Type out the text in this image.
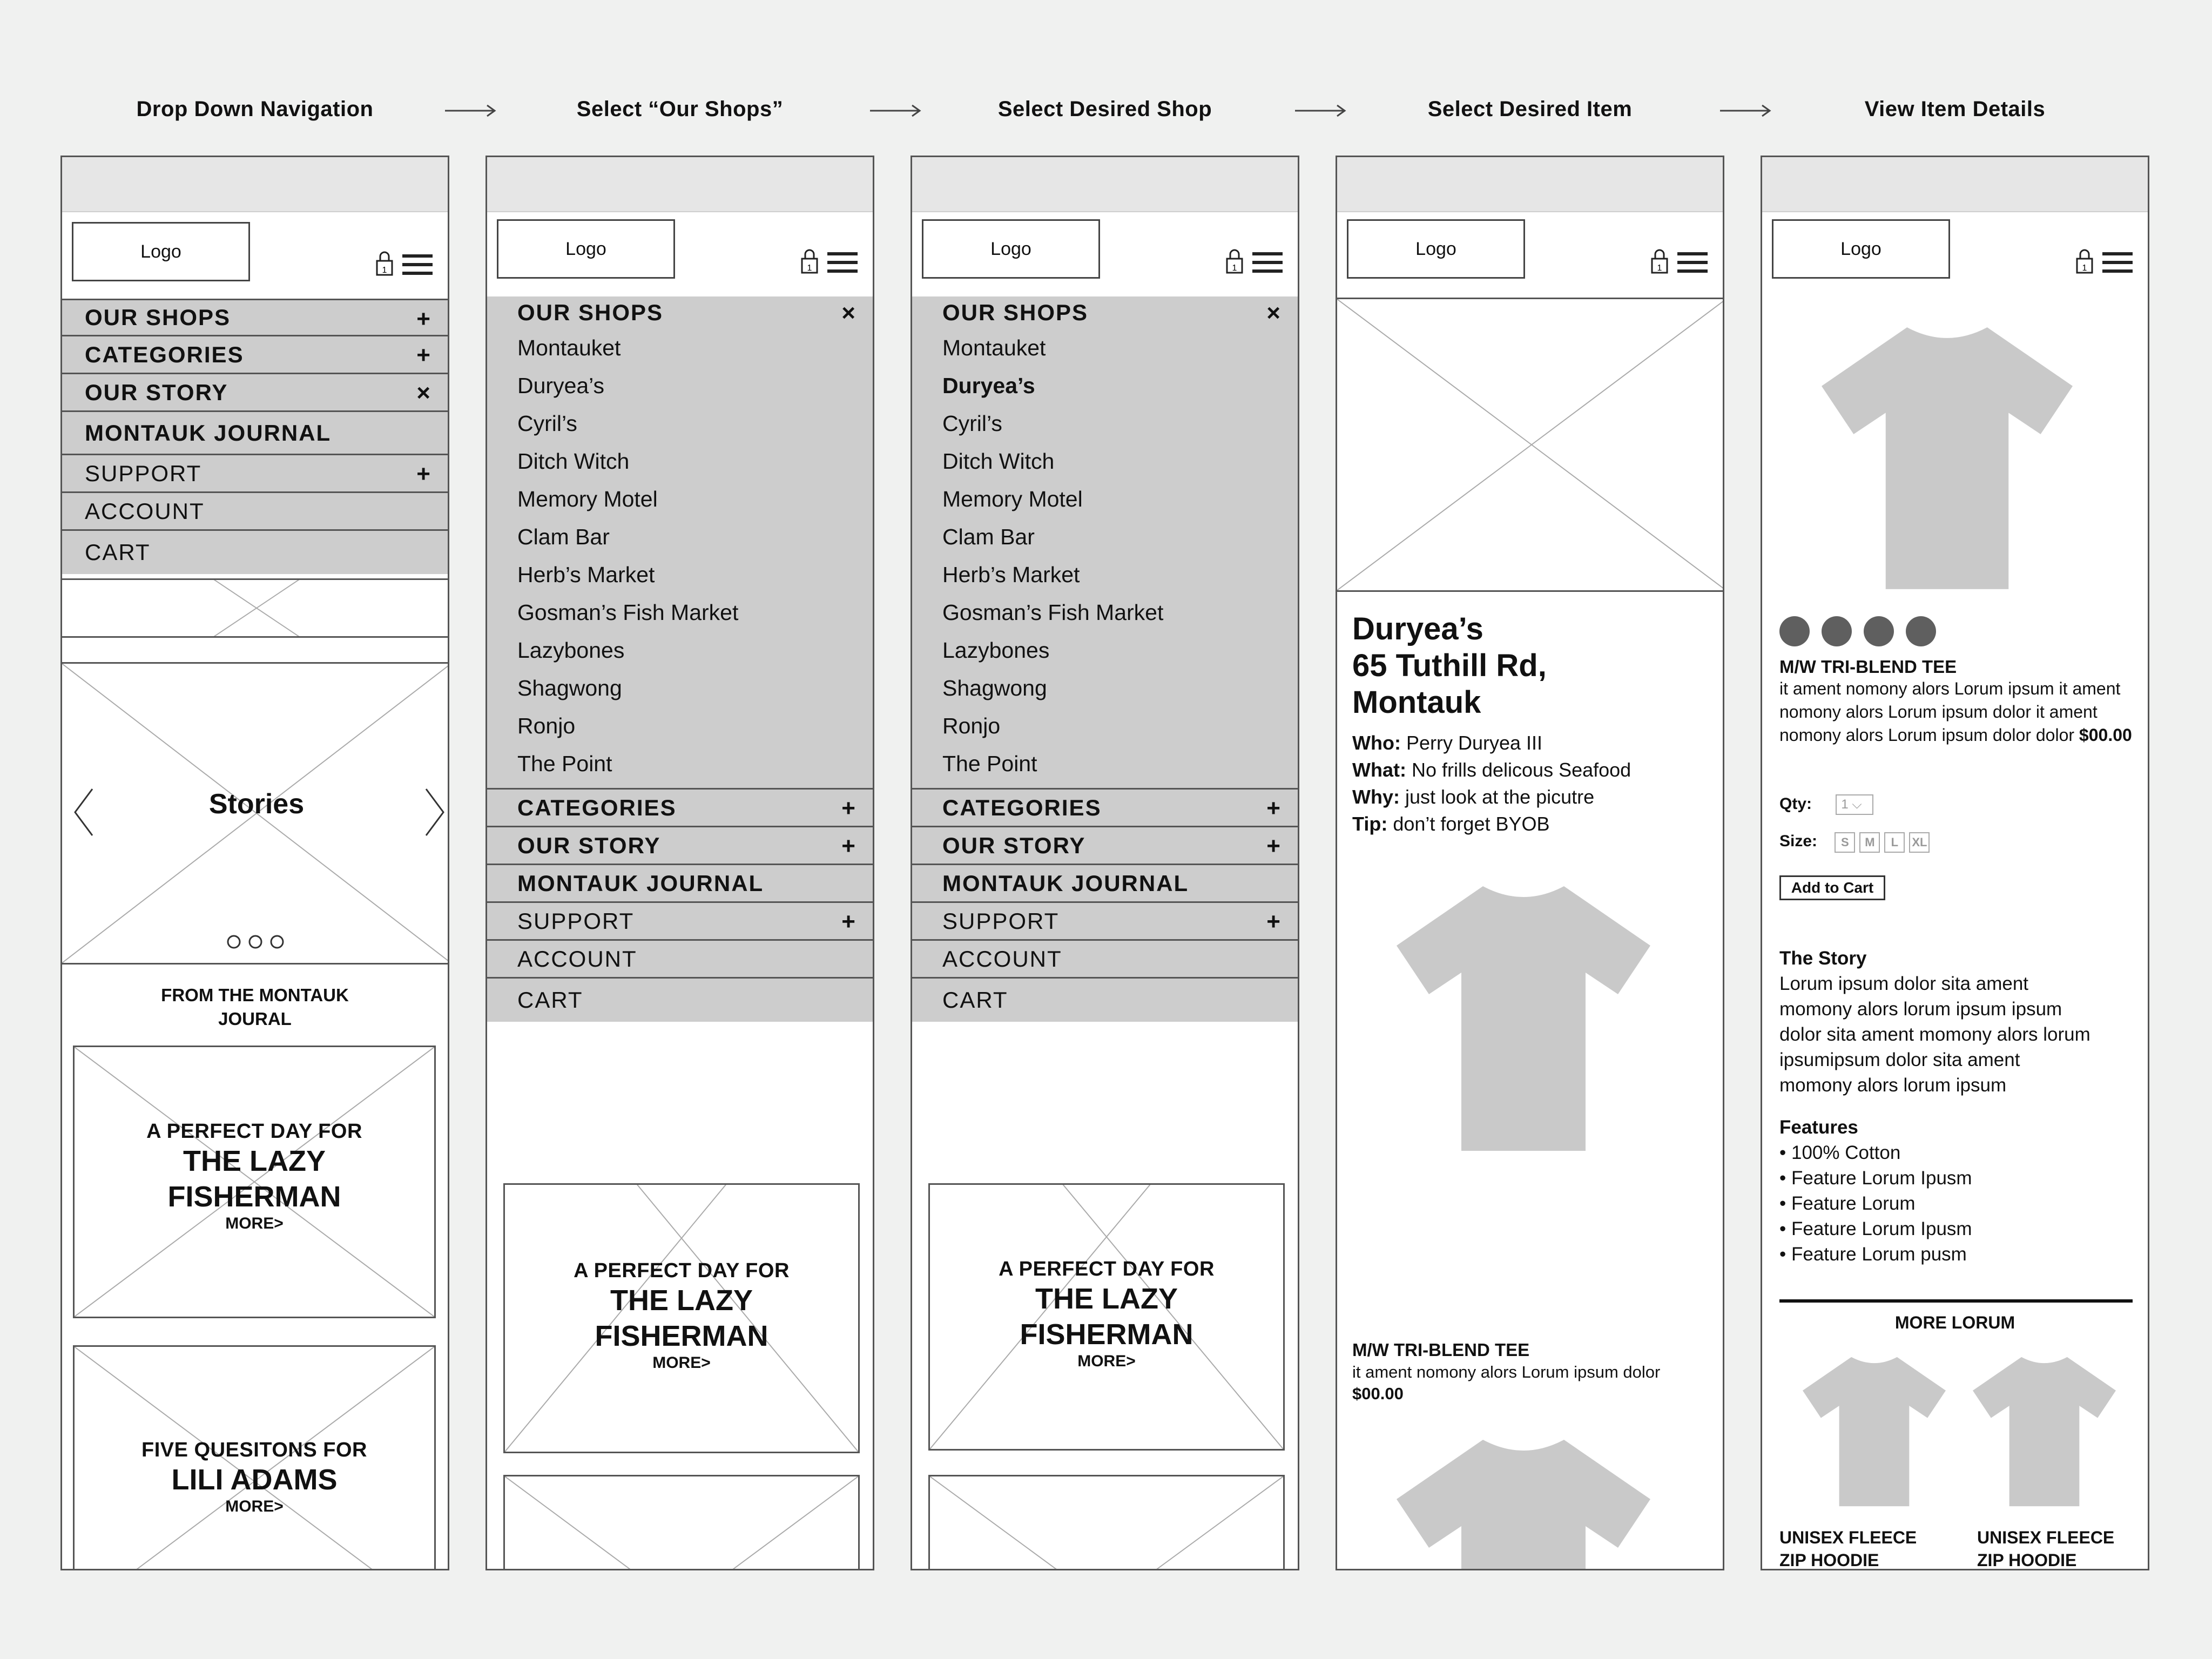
Drop Down Navigation	Select “Our Shops”	Select Desired Shop	Select Desired Item	View Item Details
Logo
1
OUR SHOPS	+
CATEGORIES	+
OUR STORY	×
MONTAUK JOURNAL
SUPPORT	+
ACCOUNT
CART
Stories
FROM THE MONTAUK
JOURAL
A PERFECT DAY FOR
THE LAZY
FISHERMAN
MORE>
FIVE QUESITONS FOR
LILI ADAMS
MORE>
Logo
1
OUR SHOPS	×
Montauket
Duryea’s
Cyril’s
Ditch Witch
Memory Motel
Clam Bar
Herb’s Market
Gosman’s Fish Market
Lazybones
Shagwong
Ronjo
The Point
CATEGORIES	+
OUR STORY	+
MONTAUK JOURNAL
SUPPORT	+
ACCOUNT
CART
A PERFECT DAY FOR
THE LAZY
FISHERMAN
MORE>
Logo
1
OUR SHOPS	×
Montauket
Duryea’s
Cyril’s
Ditch Witch
Memory Motel
Clam Bar
Herb’s Market
Gosman’s Fish Market
Lazybones
Shagwong
Ronjo
The Point
CATEGORIES	+
OUR STORY	+
MONTAUK JOURNAL
SUPPORT	+
ACCOUNT
CART
A PERFECT DAY FOR
THE LAZY
FISHERMAN
MORE>
Logo
1
Duryea’s
65 Tuthill Rd,
Montauk
Who: Perry Duryea III
What: No frills delicous Seafood
Why: just look at the picutre
Tip: don’t forget BYOB
M/W TRI-BLEND TEE
it ament nomony alors Lorum ipsum dolor
$00.00
Logo
1
M/W TRI-BLEND TEE
it ament nomony alors Lorum ipsum it ament nomony alors Lorum ipsum dolor it ament nomony alors Lorum ipsum dolor dolor $00.00
Qty: 1 ⌵
Size: S M L XL
Add to Cart
The Story
Lorum ipsum dolor sita ament
momony alors lorum ipsum ipsum
dolor sita ament momony alors lorum
ipsumipsum dolor sita ament
momony alors lorum ipsum
Features
• 100% Cotton
• Feature Lorum Ipusm
• Feature Lorum
• Feature Lorum Ipusm
• Feature Lorum pusm
MORE LORUM
UNISEX FLEECE
ZIP HOODIE
UNISEX FLEECE
ZIP HOODIE
